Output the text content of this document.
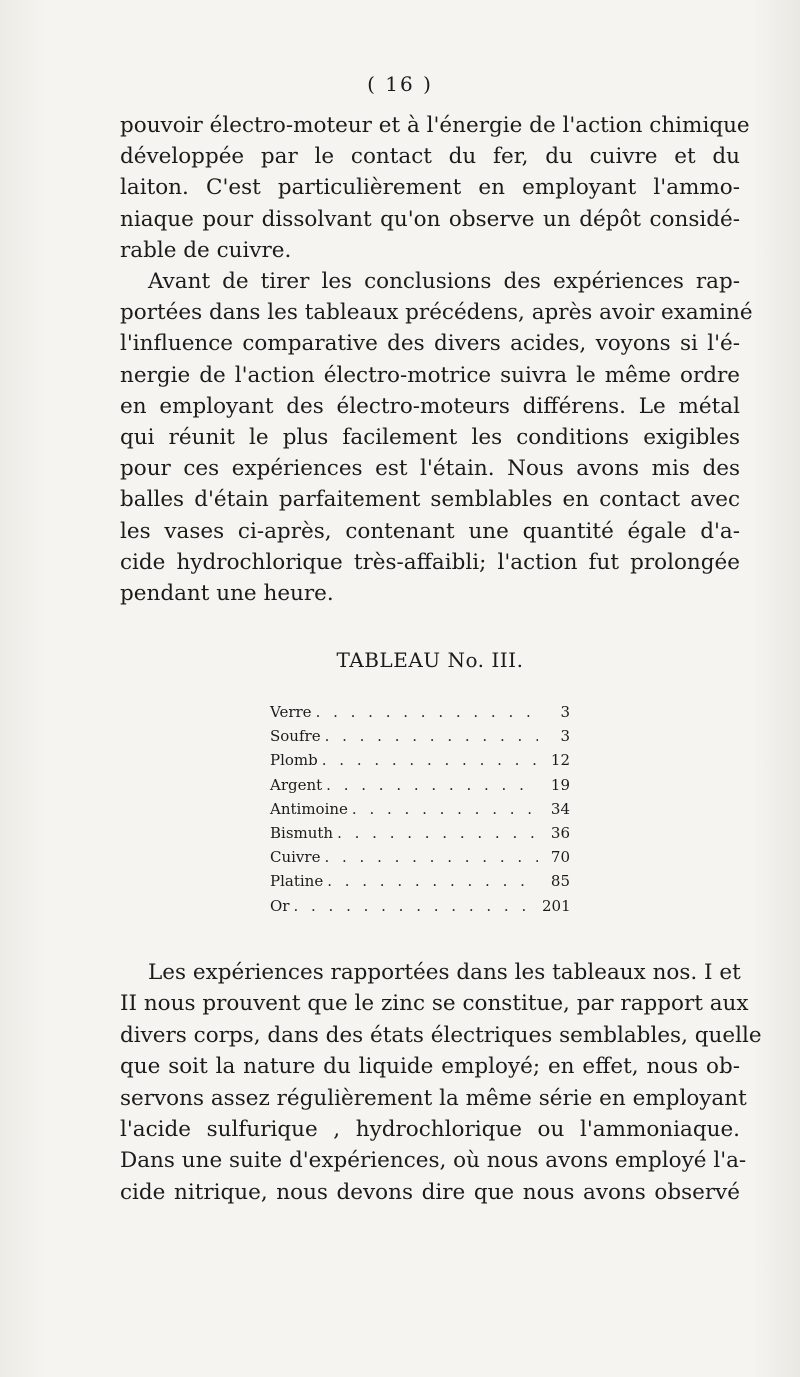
( 16 )
pouvoir électro-moteur et à l'énergie de l'action chimique
développée par le contact du fer, du cuivre et du
laiton. C'est particulièrement en employant l'ammo-
niaque pour dissolvant qu'on observe un dépôt considé-
rable de cuivre.
Avant de tirer les conclusions des expériences rap-
portées dans les tableaux précédens, après avoir examiné
l'influence comparative des divers acides, voyons si l'é-
nergie de l'action électro-motrice suivra le même ordre
en employant des électro-moteurs différens. Le métal
qui réunit le plus facilement les conditions exigibles
pour ces expériences est l'étain. Nous avons mis des
balles d'étain parfaitement semblables en contact avec
les vases ci-après, contenant une quantité égale d'a-
cide hydrochlorique très-affaibli; l'action fut prolongée
pendant une heure.
TABLEAU No. III.
Verre . . .	3
Soufre . . .	3
Plomb . . .	12
Argent . . .	19
Antimoine . . .	34
Bismuth . . .	36
Cuivre . . .	70
Platine . . .	85
Or . . .	201
Les expériences rapportées dans les tableaux nos. I et
II nous prouvent que le zinc se constitue, par rapport aux
divers corps, dans des états électriques semblables, quelle
que soit la nature du liquide employé; en effet, nous ob-
servons assez régulièrement la même série en employant
l'acide sulfurique , hydrochlorique ou l'ammoniaque.
Dans une suite d'expériences, où nous avons employé l'a-
cide nitrique, nous devons dire que nous avons observé
